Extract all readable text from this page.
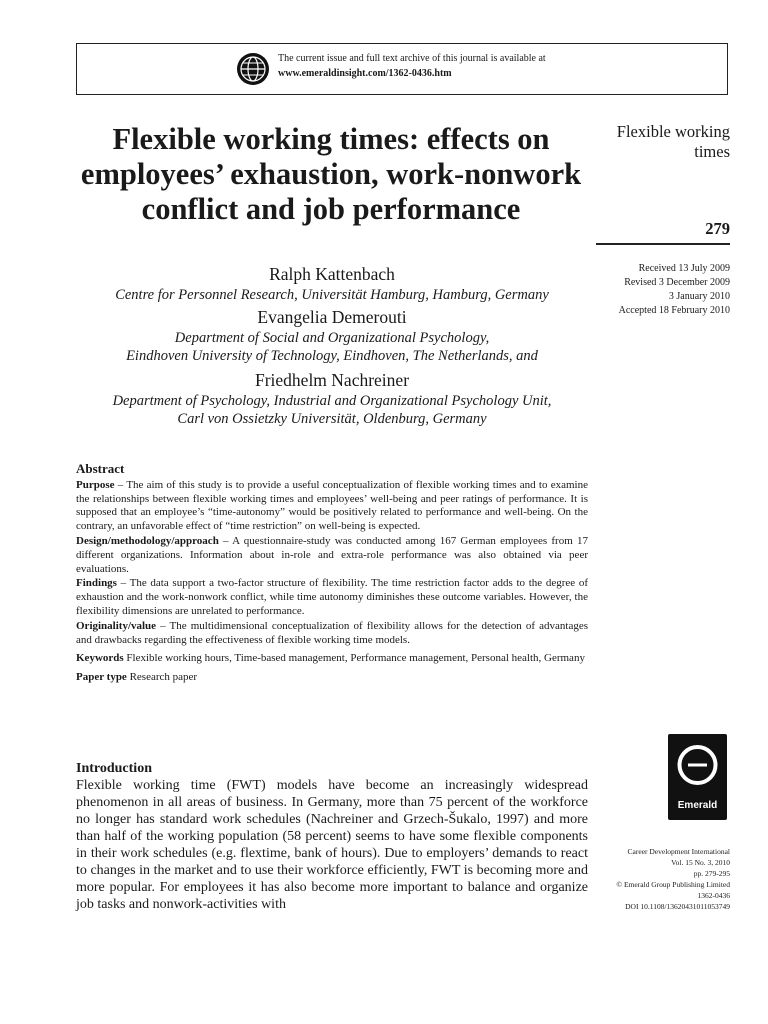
The current issue and full text archive of this journal is available at
www.emeraldinsight.com/1362-0436.htm
Flexible working times: effects on employees’ exhaustion, work-nonwork conflict and job performance
Ralph Kattenbach
Centre for Personnel Research, Universität Hamburg, Hamburg, Germany
Evangelia Demerouti
Department of Social and Organizational Psychology,
Eindhoven University of Technology, Eindhoven, The Netherlands, and
Friedhelm Nachreiner
Department of Psychology, Industrial and Organizational Psychology Unit,
Carl von Ossietzky Universität, Oldenburg, Germany
Flexible working
times
279
Received 13 July 2009
Revised 3 December 2009
3 January 2010
Accepted 18 February 2010
Abstract

Purpose – The aim of this study is to provide a useful conceptualization of flexible working times and to examine the relationships between flexible working times and employees’ well-being and peer ratings of performance. It is supposed that an employee’s “time-autonomy” would be positively related to performance and well-being. On the contrary, an unfavorable effect of “time restriction” on well-being is expected.

Design/methodology/approach – A questionnaire-study was conducted among 167 German employees from 17 different organizations. Information about in-role and extra-role performance was also obtained via peer evaluations.

Findings – The data support a two-factor structure of flexibility. The time restriction factor adds to the degree of exhaustion and the work-nonwork conflict, while time autonomy diminishes these outcome variables. However, the flexibility dimensions are unrelated to performance.

Originality/value – The multidimensional conceptualization of flexibility allows for the detection of advantages and drawbacks regarding the effectiveness of flexible working time models.

Keywords Flexible working hours, Time-based management, Performance management, Personal health, Germany

Paper type Research paper

Introduction

Flexible working time (FWT) models have become an increasingly widespread phenomenon in all areas of business. In Germany, more than 75 percent of the workforce no longer has standard work schedules (Nachreiner and Grzech-Šukalo, 1997) and more than half of the working population (58 percent) seems to have some flexible components in their work schedules (e.g. flextime, bank of hours). Due to employers’ demands to react to changes in the market and to use their workforce efficiently, FWT is becoming more and more popular. For employees it has also become more important to balance and organize job tasks and nonwork-activities with

Emerald
Career Development International
Vol. 15 No. 3, 2010
pp. 279-295
© Emerald Group Publishing Limited
1362-0436
DOI 10.1108/13620431011053749
